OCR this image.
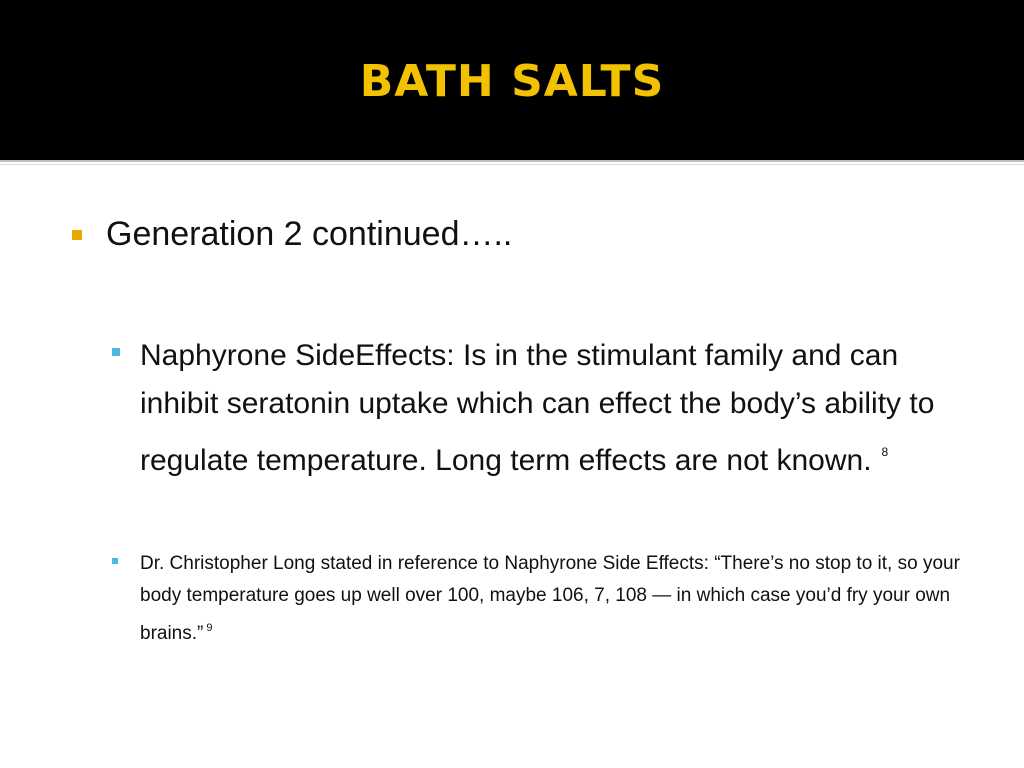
BATH SALTS
Generation 2 continued…..
Naphyrone SideEffects: Is in the stimulant family and can inhibit seratonin uptake which can effect the body’s ability to regulate temperature. Long term effects are not known. $^8$
Dr. Christopher Long stated in reference to Naphyrone Side Effects: “There’s no stop to it, so your body temperature goes up well over 100, maybe 106, 7, 108 — in which case you’d fry your own brains.” $^9$
